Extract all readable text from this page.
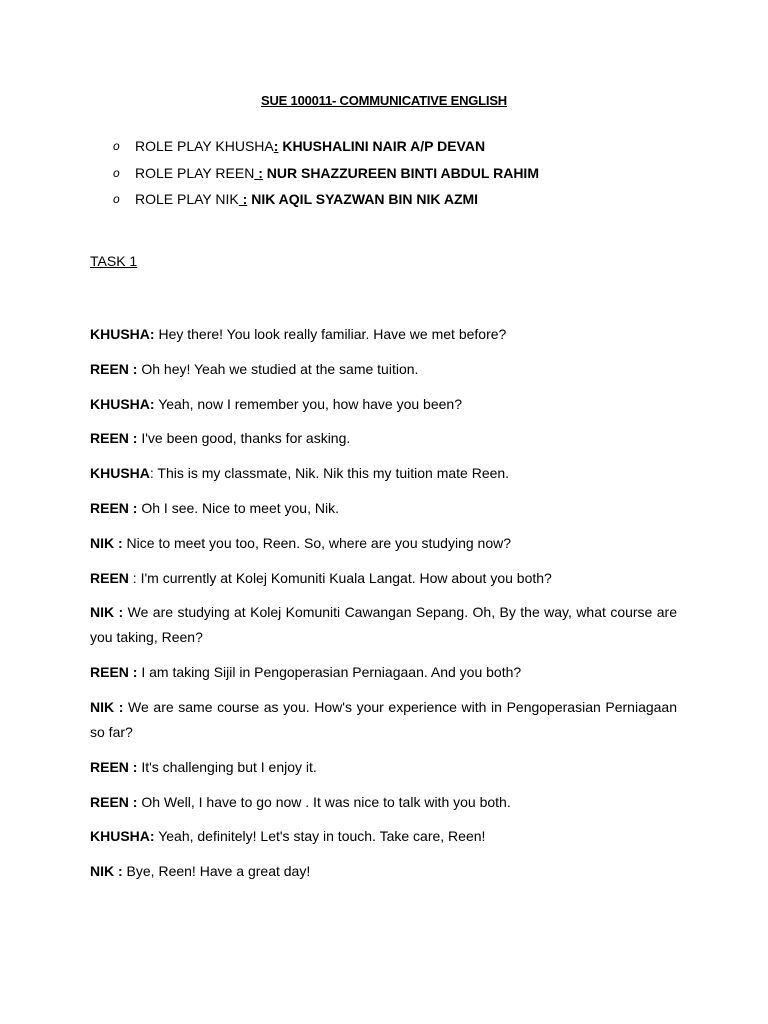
SUE 100011- COMMUNICATIVE ENGLISH
o	ROLE PLAY KHUSHA: KHUSHALINI NAIR A/P DEVAN
o	ROLE PLAY REEN : NUR SHAZZUREEN BINTI ABDUL RAHIM
o	ROLE PLAY NIK : NIK AQIL SYAZWAN BIN NIK AZMI
TASK 1
KHUSHA: Hey there! You look really familiar. Have we met before?
REEN : Oh hey! Yeah we studied at the same tuition.
KHUSHA: Yeah, now I remember you, how have you been?
REEN : I've been good, thanks for asking.
KHUSHA: This is my classmate, Nik. Nik this my tuition mate Reen.
REEN : Oh I see. Nice to meet you, Nik.
NIK : Nice to meet you too, Reen. So, where are you studying now?
REEN : I'm currently at Kolej Komuniti Kuala Langat. How about you both?
NIK : We are studying at Kolej Komuniti Cawangan Sepang. Oh, By the way, what course are you taking, Reen?
REEN : I am taking Sijil in Pengoperasian Perniagaan. And you both?
NIK : We are same course as you. How's your experience with in Pengoperasian Perniagaan so far?
REEN : It's challenging but I enjoy it.
REEN : Oh Well, I have to go now . It was nice to talk with you both.
KHUSHA: Yeah, definitely! Let's stay in touch. Take care, Reen!
NIK : Bye, Reen! Have a great day!
